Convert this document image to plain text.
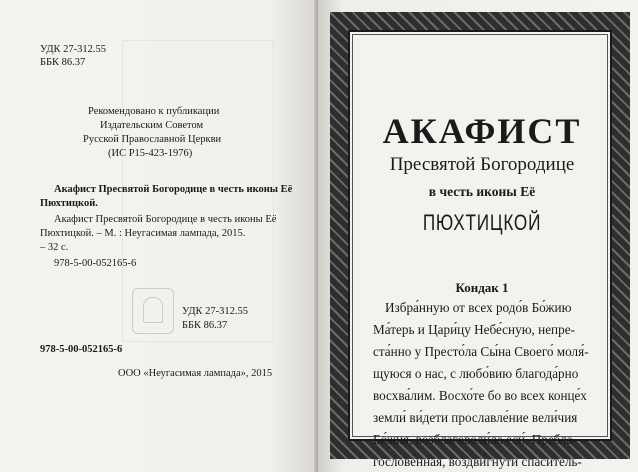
УДК 27-312.55
ББК 86.37
Рекомендовано к публикации
Издательским Советом
Русской Православной Церкви
(ИС Р15-423-1976)
Акафист Пресвятой Богородице в честь иконы Её
Пюхтицкой.
Акафист Пресвятой Богородице в честь иконы Её
Пюхтицкой. – М. : Неугасимая лампада, 2015.
– 32 с.
978-5-00-052165-6
УДК 27-312.55
ББК 86.37
978-5-00-052165-6
ООО «Неугасимая лампада», 2015
АКАФИСТ
Пресвятой Богородице
в честь иконы Её
ПЮХТИЦКОЙ
Кондак 1
Избра́нную от всех родо́в Бо́жию
Ма́терь и Цари́цу Небе́сную, непре-
ста́нно у Престо́ла Сы́на Своего́ моля́-
щуюся о нас, с любо́вию благода́рно
восхва́лим. Восхо́те бо во всех конце́х
земли́ ви́дети прославле́ние вели́чия
Бо́жия, возблаговоли́ла еси́, Пребла-
гослове́нная, воздви́гнути спаситель-
